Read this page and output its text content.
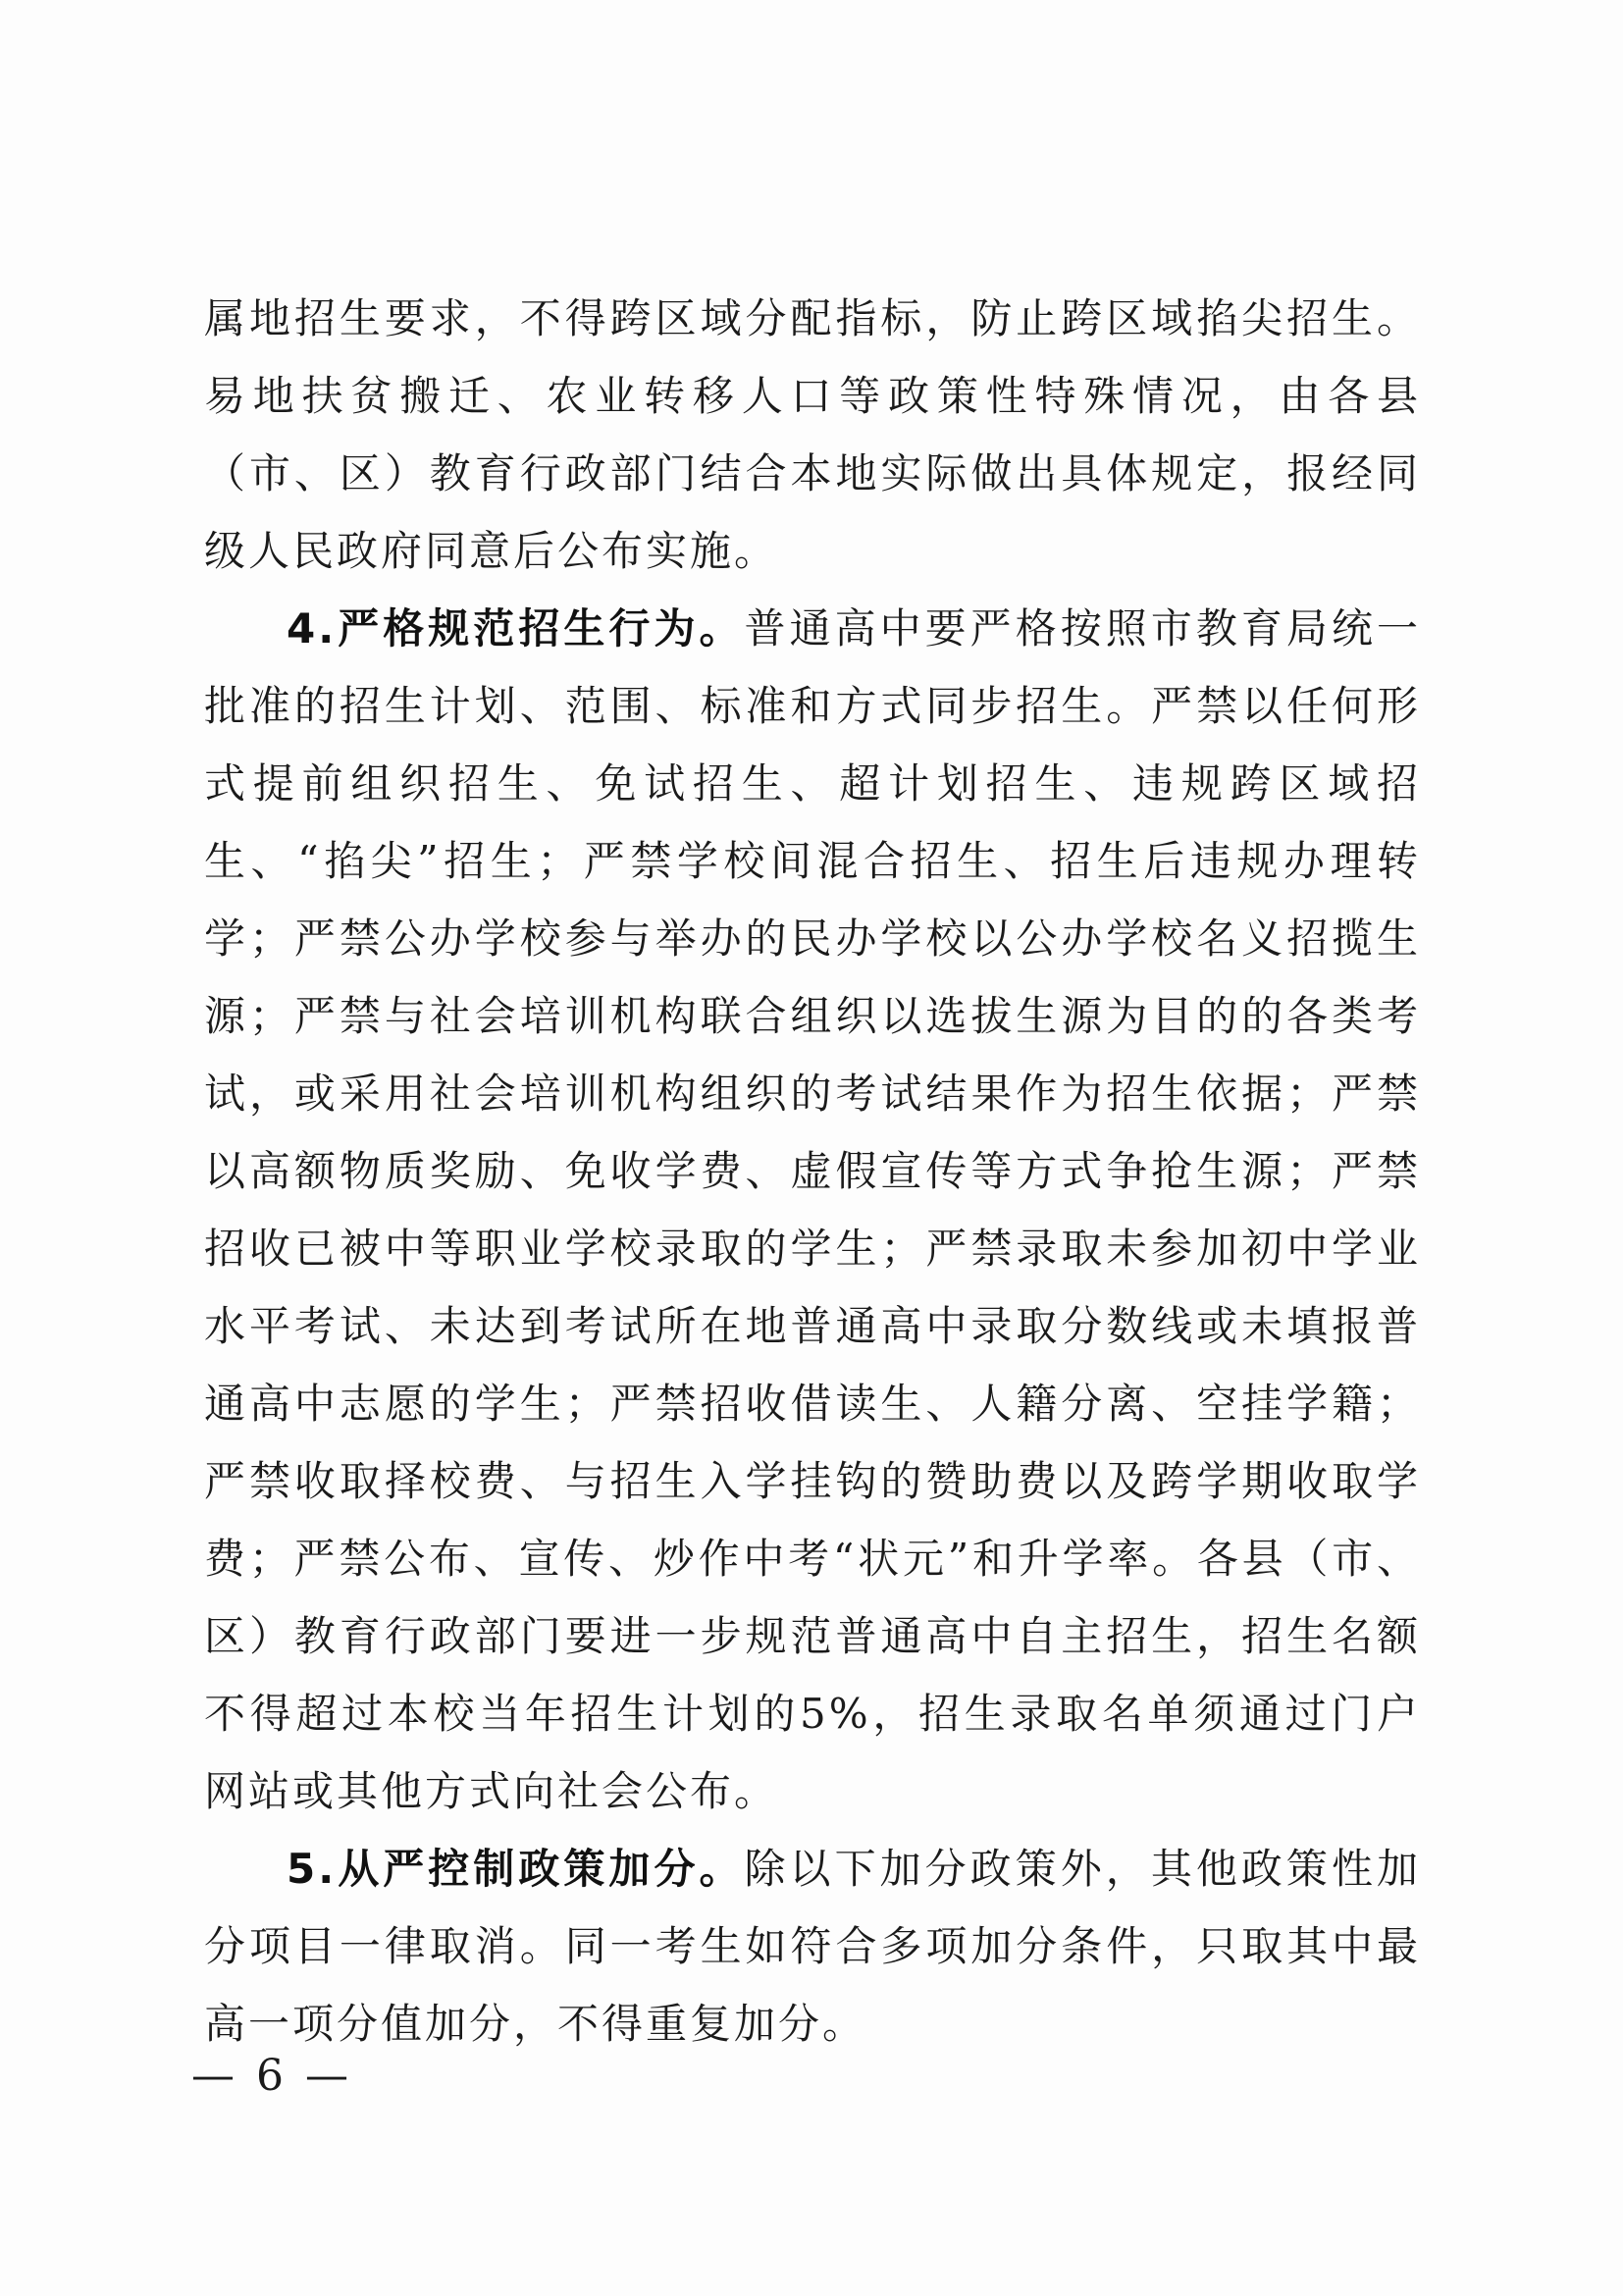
属地招生要求，不得跨区域分配指标，防止跨区域掐尖招生。易地扶贫搬迁、农业转移人口等政策性特殊情况，由各县（市、区）教育行政部门结合本地实际做出具体规定，报经同级人民政府同意后公布实施。

4.严格规范招生行为。普通高中要严格按照市教育局统一批准的招生计划、范围、标准和方式同步招生。严禁以任何形式提前组织招生、免试招生、超计划招生、违规跨区域招生、“掐尖”招生；严禁学校间混合招生、招生后违规办理转学；严禁公办学校参与举办的民办学校以公办学校名义招揽生源；严禁与社会培训机构联合组织以选拔生源为目的的各类考试，或采用社会培训机构组织的考试结果作为招生依据；严禁以高额物质奖励、免收学费、虚假宣传等方式争抢生源；严禁招收已被中等职业学校录取的学生；严禁录取未参加初中学业水平考试、未达到考试所在地普通高中录取分数线或未填报普通高中志愿的学生；严禁招收借读生、人籍分离、空挂学籍；严禁收取择校费、与招生入学挂钩的赞助费以及跨学期收取学费；严禁公布、宣传、炒作中考“状元”和升学率。各县（市、区）教育行政部门要进一步规范普通高中自主招生，招生名额不得超过本校当年招生计划的5%，招生录取名单须通过门户网站或其他方式向社会公布。

5.从严控制政策加分。除以下加分政策外，其他政策性加分项目一律取消。同一考生如符合多项加分条件，只取其中最高一项分值加分，不得重复加分。

— 6 —
